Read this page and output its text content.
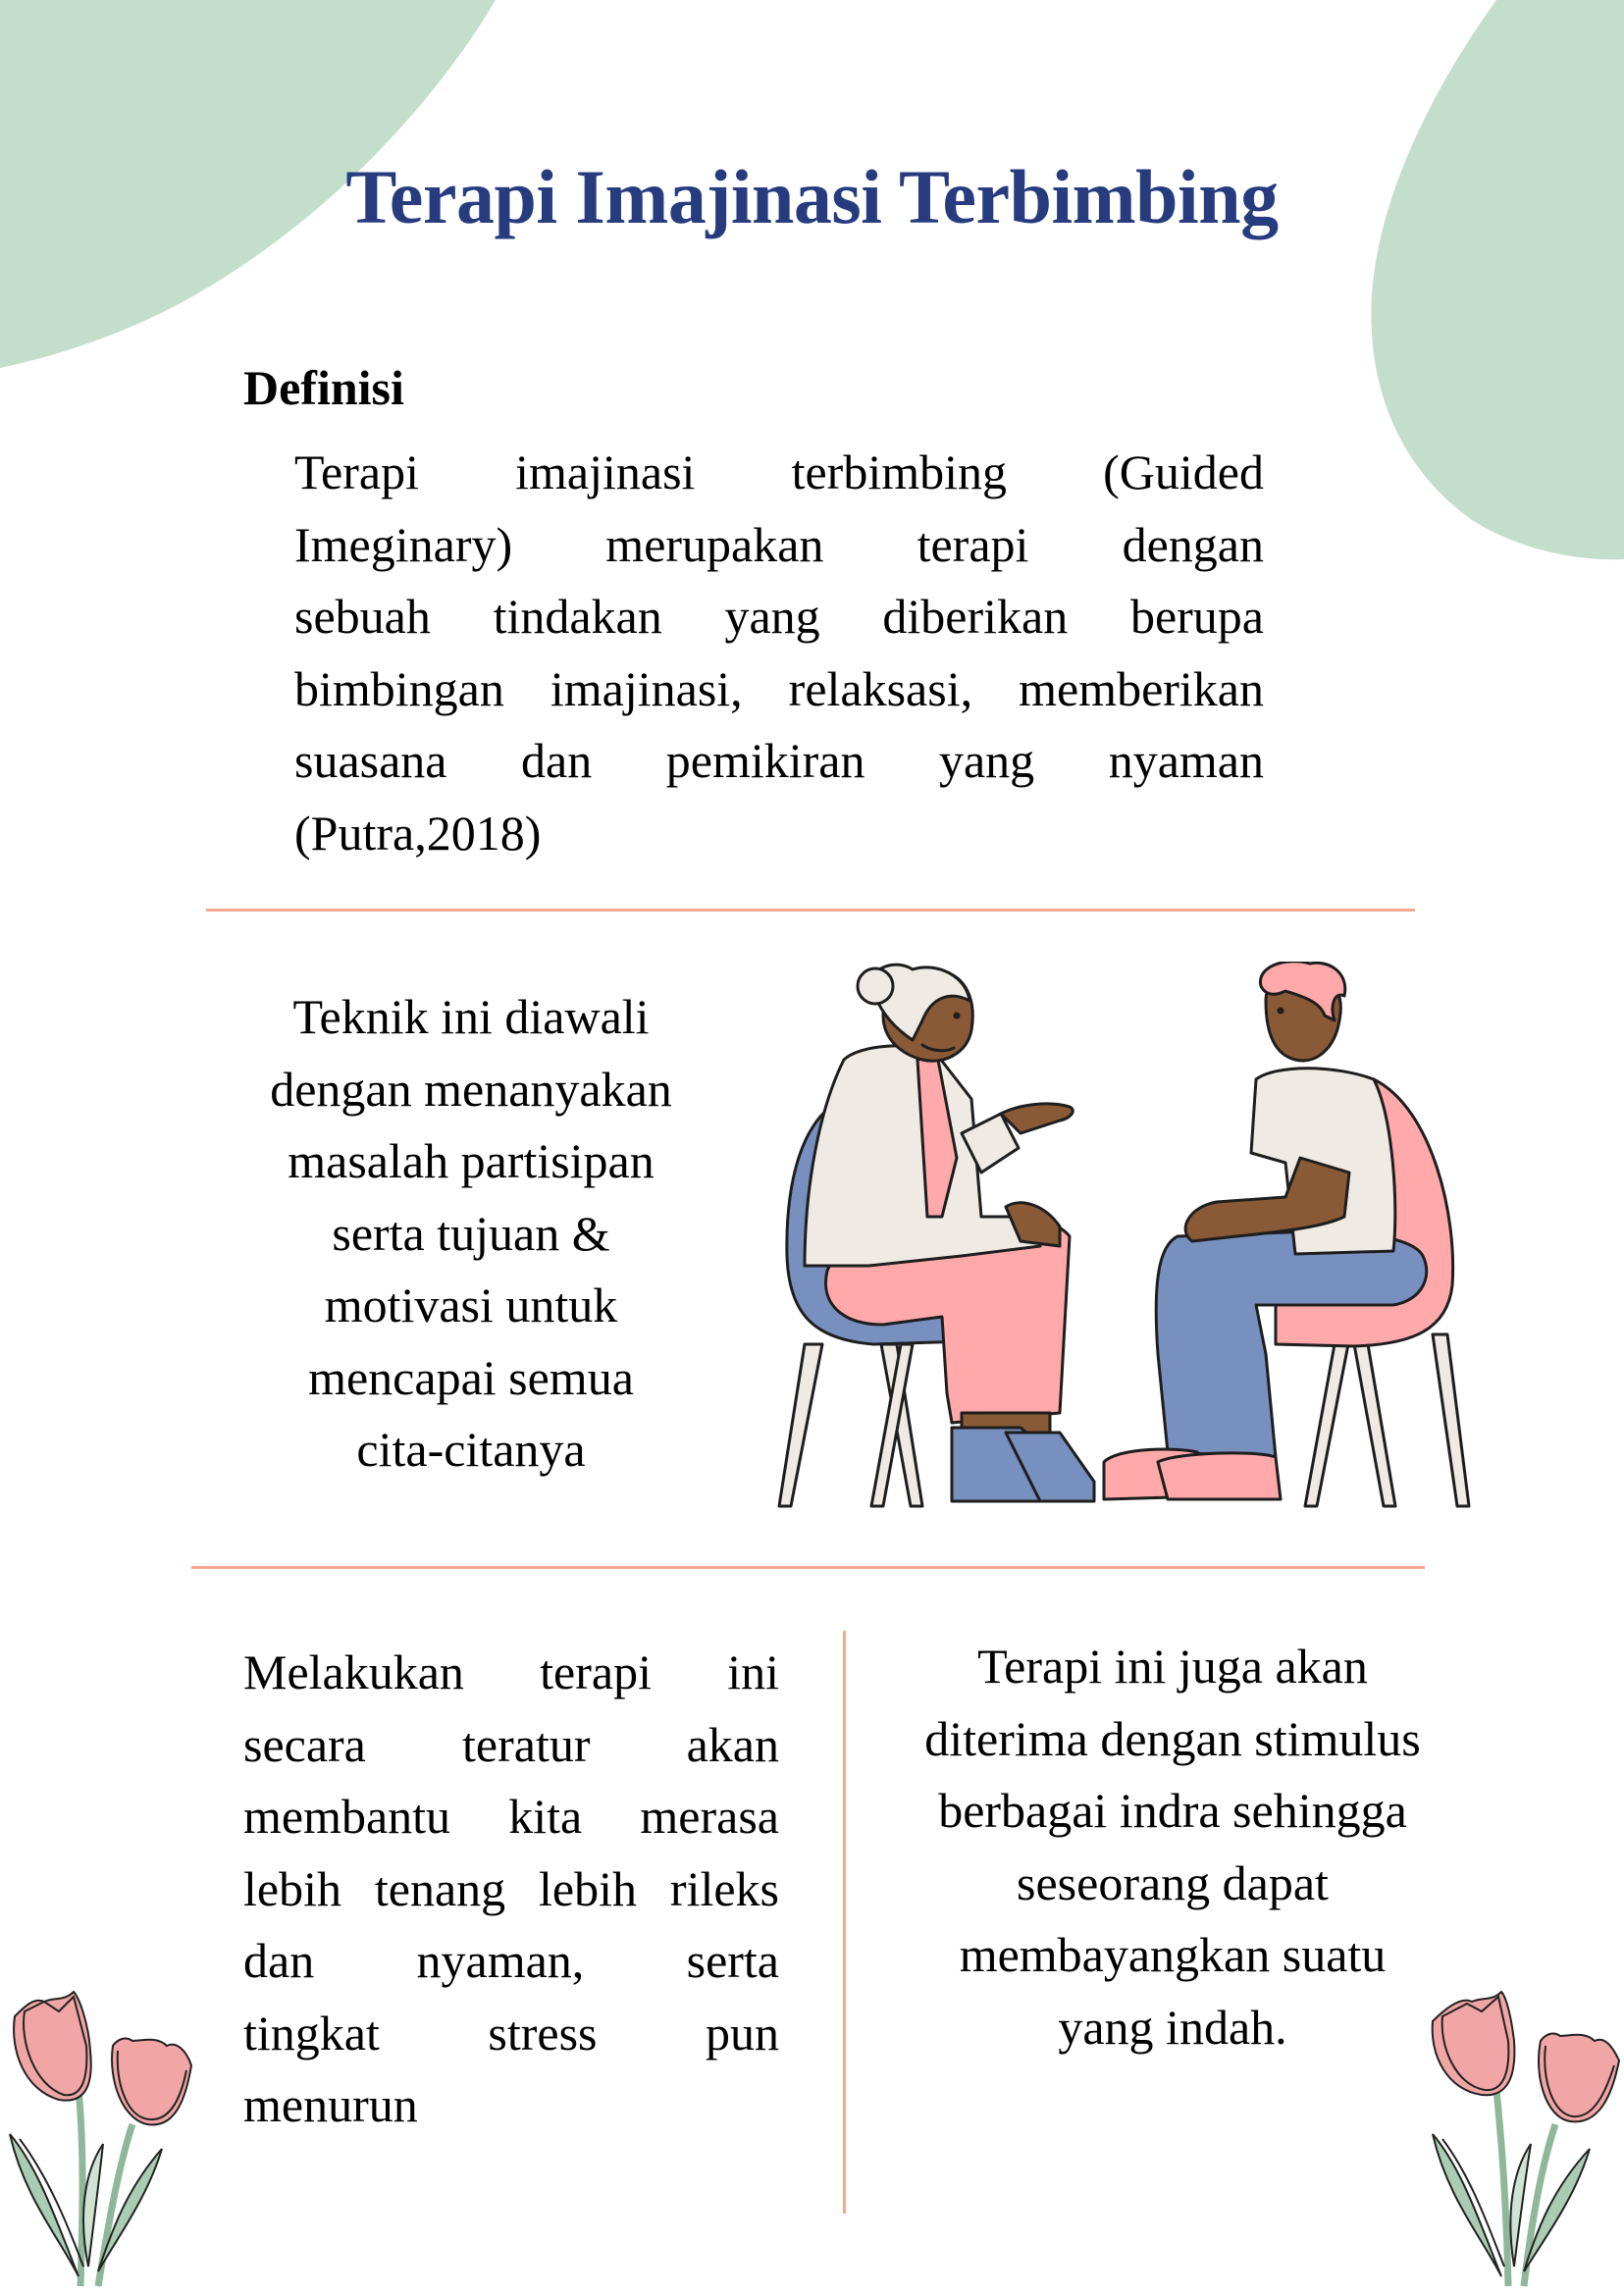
Terapi Imajinasi Terbimbing
Definisi
Terapi imajinasi terbimbing (Guided
Imeginary) merupakan terapi dengan
sebuah tindakan yang diberikan berupa
bimbingan imajinasi, relaksasi, memberikan
suasana dan pemikiran yang nyaman
(Putra,2018)
Teknik ini diawali
dengan menanyakan
masalah partisipan
serta tujuan &
motivasi untuk
mencapai semua
cita-citanya
Melakukan terapi ini
secara teratur akan
membantu kita merasa
lebih tenang lebih rileks
dan nyaman, serta
tingkat stress pun
menurun
Terapi ini juga akan
diterima dengan stimulus
berbagai indra sehingga
seseorang dapat
membayangkan suatu
yang indah.
